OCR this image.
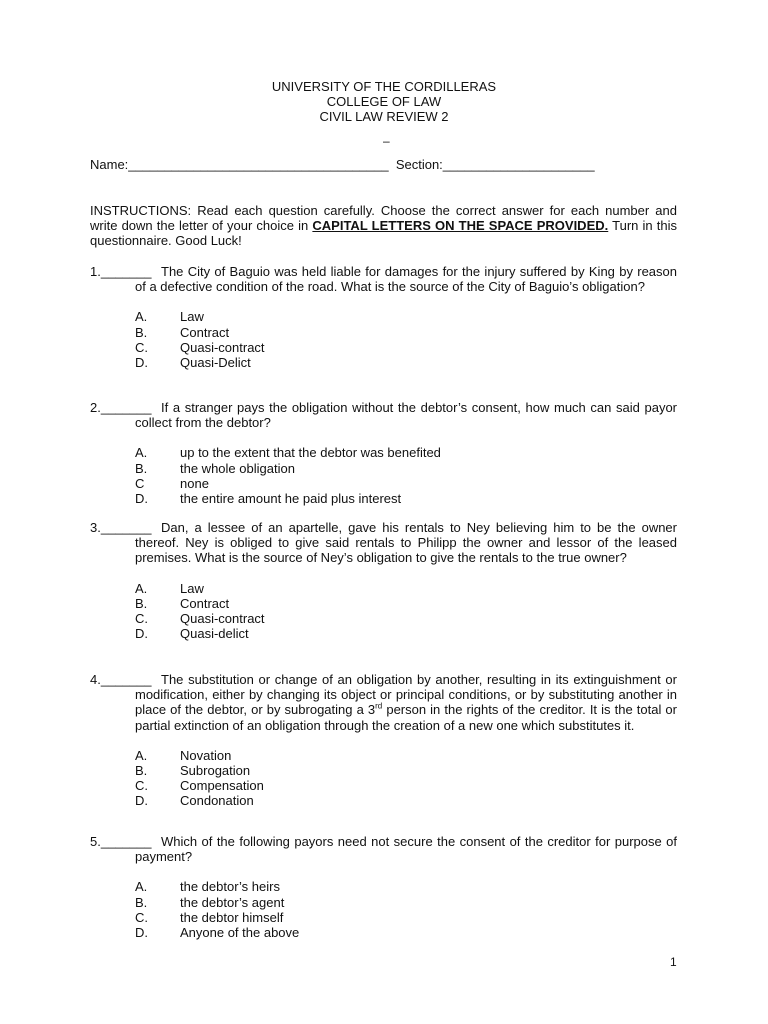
UNIVERSITY OF THE CORDILLERAS
COLLEGE OF LAW
CIVIL LAW REVIEW 2
–
Name:____________________________________ Section:_____________________
INSTRUCTIONS: Read each question carefully. Choose the correct answer for each number and write down the letter of your choice in CAPITAL LETTERS ON THE SPACE PROVIDED. Turn in this questionnaire. Good Luck!
1._______ The City of Baguio was held liable for damages for the injury suffered by King by reason of a defective condition of the road. What is the source of the City of Baguio’s obligation?
A.	Law
B.	Contract
C. Quasi-contract
D. Quasi-Delict
2._______ If a stranger pays the obligation without the debtor’s consent, how much can said payor collect from the debtor?
A.	up to the extent that the debtor was benefited
B.	the whole obligation
C	none
D. the entire amount he paid plus interest
3._______ Dan, a lessee of an apartelle, gave his rentals to Ney believing him to be the owner thereof. Ney is obliged to give said rentals to Philipp the owner and lessor of the leased premises. What is the source of Ney’s obligation to give the rentals to the true owner?
A.	Law
B.	Contract
C. Quasi-contract
D. Quasi-delict
4._______ The substitution or change of an obligation by another, resulting in its extinguishment or modification, either by changing its object or principal conditions, or by substituting another in place of the debtor, or by subrogating a 3rd person in the rights of the creditor. It is the total or partial extinction of an obligation through the creation of a new one which substitutes it.
A.	Novation
B.	Subrogation
C. Compensation
D. Condonation
5._______ Which of the following payors need not secure the consent of the creditor for purpose of payment?
A.	the debtor’s heirs
B.	the debtor’s agent
C. the debtor himself
D. Anyone of the above
1
